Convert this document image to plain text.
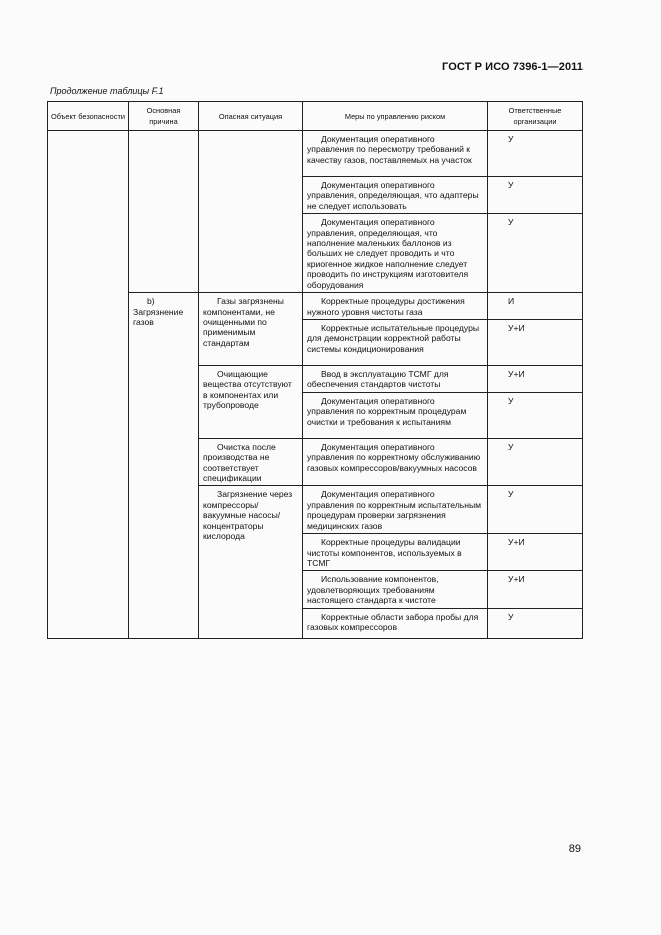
ГОСТ Р ИСО 7396-1—2011
Продолжение таблицы F.1
Объект безопасности	Основная причина	Опасная ситуация	Меры по управлению риском	Ответственные организации
			Документация оперативного управления по пересмотру требований к качеству газов, поставляемых на участок	У
			Документация оперативного управления, определяющая, что адаптеры не следует использовать	У
			Документация оперативного управления, определяющая, что наполнение маленьких баллонов из больших не следует проводить и что криогенное жидкое наполнение следует проводить по инструкциям изготовителя оборудования	У
	b) Загрязнение газов	Газы загрязнены компонентами, не очищенными по применимым стандартам	Корректные процедуры достижения нужного уровня чистоты газа	И
			Корректные испытательные процедуры для демонстрации корректной работы системы кондиционирования	У+И
		Очищающие вещества отсутствуют в компонентах или трубопроводе	Ввод в эксплуатацию ТСМГ для обеспечения стандартов чистоты	У+И
			Документация оперативного управления по корректным процедурам очистки и требования к испытаниям	У
		Очистка после производства не соответствует спецификации	Документация оперативного управления по корректному обслуживанию газовых компрессоров/вакуумных насосов	У
		Загрязнение через компрессоры/вакуумные насосы/концентраторы кислорода	Документация оперативного управления по корректным испытательным процедурам проверки загрязнения медицинских газов	У
			Корректные процедуры валидации чистоты компонентов, используемых в ТСМГ	У+И
			Использование компонентов, удовлетворяющих требованиям настоящего стандарта к чистоте	У+И
			Корректные области забора пробы для газовых компрессоров	У
89
